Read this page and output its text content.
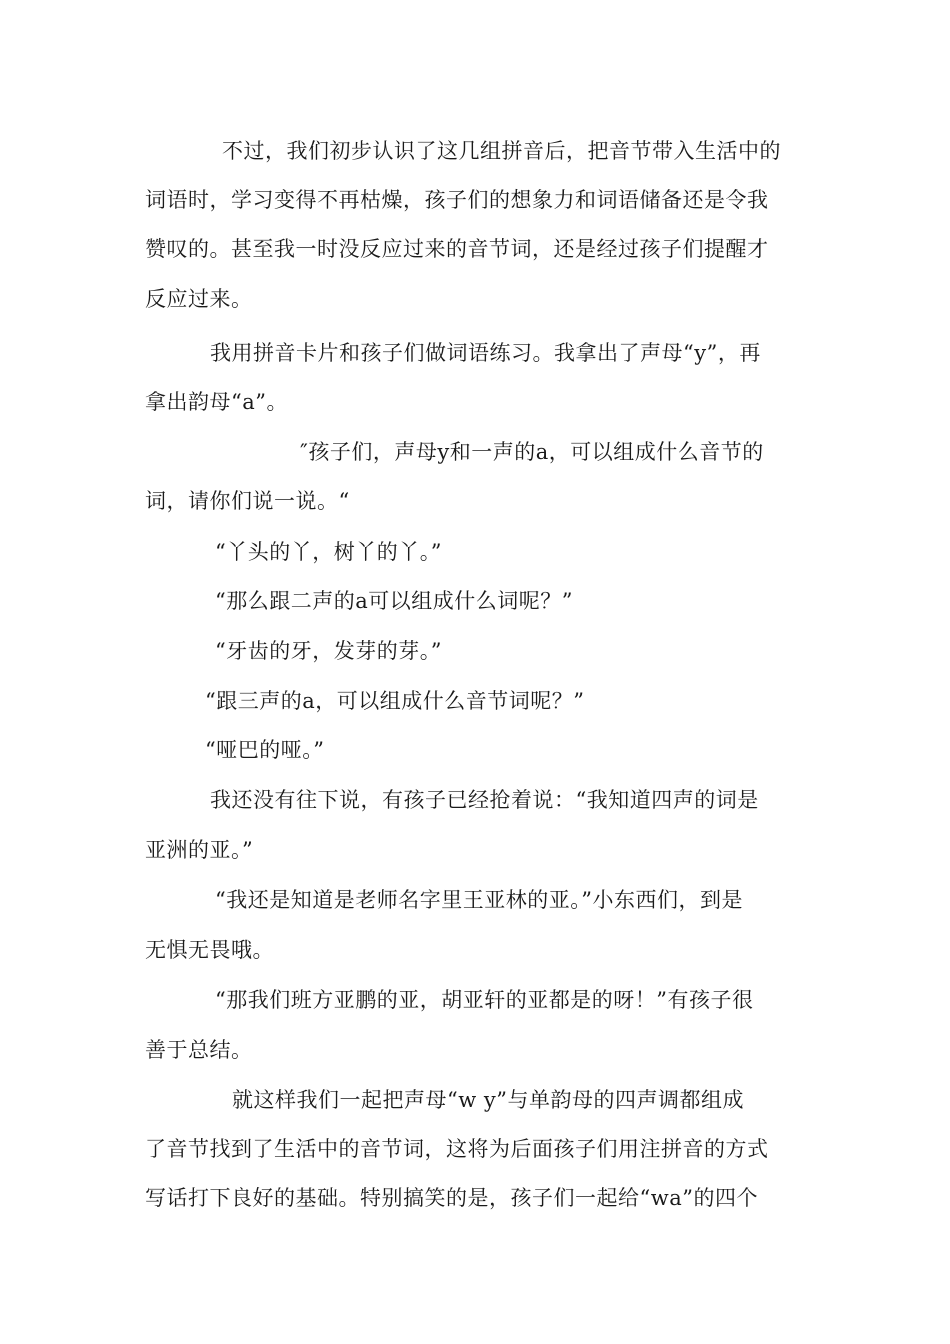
不过，我们初步认识了这几组拼音后，把音节带入生活中的
词语时，学习变得不再枯燥，孩子们的想象力和词语储备还是令我
赞叹的。甚至我一时没反应过来的音节词，还是经过孩子们提醒才
反应过来。
我用拼音卡片和孩子们做词语练习。我拿出了声母“y”，再
拿出韵母“a”。
″孩子们，声母y和一声的a，可以组成什么音节的
词，请你们说一说。“
“丫头的丫，树丫的丫。”
“那么跟二声的a可以组成什么词呢？”
“牙齿的牙，发芽的芽。”
“跟三声的a，可以组成什么音节词呢？”
“哑巴的哑。”
我还没有往下说，有孩子已经抢着说：“我知道四声的词是
亚洲的亚。”
“我还是知道是老师名字里王亚林的亚。”小东西们，到是
无惧无畏哦。
“那我们班方亚鹏的亚，胡亚轩的亚都是的呀！”有孩子很
善于总结。
就这样我们一起把声母“w y”与单韵母的四声调都组成
了音节找到了生活中的音节词，这将为后面孩子们用注拼音的方式
写话打下良好的基础。特别搞笑的是，孩子们一起给“wa”的四个
